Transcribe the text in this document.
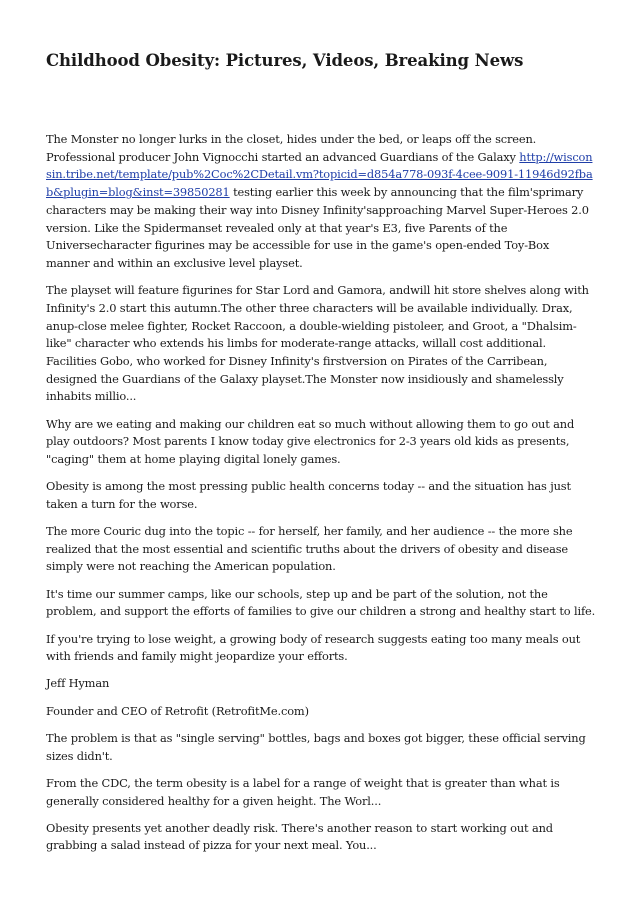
Childhood Obesity: Pictures, Videos, Breaking News

The Monster no longer lurks in the closet, hides under the bed, or leaps off the screen. Professional producer John Vignocchi started an advanced Guardians of the Galaxy http://wisconsin.tribe.net/template/pub%2Coc%2CDetail.vm?topicid=d854a778-093f-4cee-9091-11946d92fbab&plugin=blog&inst=39850281 testing earlier this week by announcing that the film'sprimary characters may be making their way into Disney Infinity'sapproaching Marvel Super-Heroes 2.0 version. Like the Spidermanset revealed only at that year's E3, five Parents of the Universecharacter figurines may be accessible for use in the game's open-ended Toy-Box manner and within an exclusive level playset.

The playset will feature figurines for Star Lord and Gamora, andwill hit store shelves along with Infinity's 2.0 start this autumn.The other three characters will be available individually. Drax, anup-close melee fighter, Rocket Raccoon, a double-wielding pistoleer, and Groot, a "Dhalsim-like" character who extends his limbs for moderate-range attacks, willall cost additional. Facilities Gobo, who worked for Disney Infinity's firstversion on Pirates of the Carribean, designed the Guardians of the Galaxy playset.The Monster now insidiously and shamelessly inhabits millio...

Why are we eating and making our children eat so much without allowing them to go out and play outdoors? Most parents I know today give electronics for 2-3 years old kids as presents, "caging" them at home playing digital lonely games.

Obesity is among the most pressing public health concerns today -- and the situation has just taken a turn for the worse.

The more Couric dug into the topic -- for herself, her family, and her audience -- the more she realized that the most essential and scientific truths about the drivers of obesity and disease simply were not reaching the American population.

It's time our summer camps, like our schools, step up and be part of the solution, not the problem, and support the efforts of families to give our children a strong and healthy start to life.

If you're trying to lose weight, a growing body of research suggests eating too many meals out with friends and family might jeopardize your efforts.

Jeff Hyman

Founder and CEO of Retrofit (RetrofitMe.com)

The problem is that as "single serving" bottles, bags and boxes got bigger, these official serving sizes didn't.

From the CDC, the term obesity is a label for a range of weight that is greater than what is generally considered healthy for a given height. The Worl...

Obesity presents yet another deadly risk. There's another reason to start working out and grabbing a salad instead of pizza for your next meal. You...
